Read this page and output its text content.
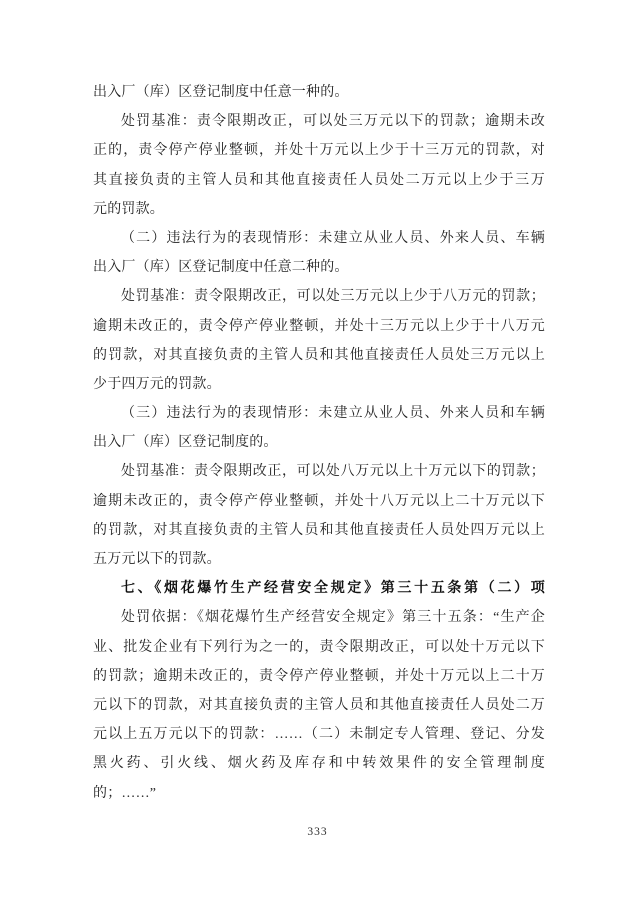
出入厂（库）区登记制度中任意一种的。
处罚基准：责令限期改正，可以处三万元以下的罚款；逾期未改
正的，责令停产停业整顿，并处十万元以上少于十三万元的罚款，对
其直接负责的主管人员和其他直接责任人员处二万元以上少于三万
元的罚款。
（二）违法行为的表现情形：未建立从业人员、外来人员、车辆
出入厂（库）区登记制度中任意二种的。
处罚基准：责令限期改正，可以处三万元以上少于八万元的罚款；
逾期未改正的，责令停产停业整顿，并处十三万元以上少于十八万元
的罚款，对其直接负责的主管人员和其他直接责任人员处三万元以上
少于四万元的罚款。
（三）违法行为的表现情形：未建立从业人员、外来人员和车辆
出入厂（库）区登记制度的。
处罚基准：责令限期改正，可以处八万元以上十万元以下的罚款；
逾期未改正的，责令停产停业整顿，并处十八万元以上二十万元以下
的罚款，对其直接负责的主管人员和其他直接责任人员处四万元以上
五万元以下的罚款。
七、《烟花爆竹生产经营安全规定》第三十五条第（二）项
处罚依据：《烟花爆竹生产经营安全规定》第三十五条：“生产企
业、批发企业有下列行为之一的，责令限期改正，可以处十万元以下
的罚款；逾期未改正的，责令停产停业整顿，并处十万元以上二十万
元以下的罚款，对其直接负责的主管人员和其他直接责任人员处二万
元以上五万元以下的罚款：……（二）未制定专人管理、登记、分发
黑火药、引火线、烟火药及库存和中转效果件的安全管理制度
的；……”
333
